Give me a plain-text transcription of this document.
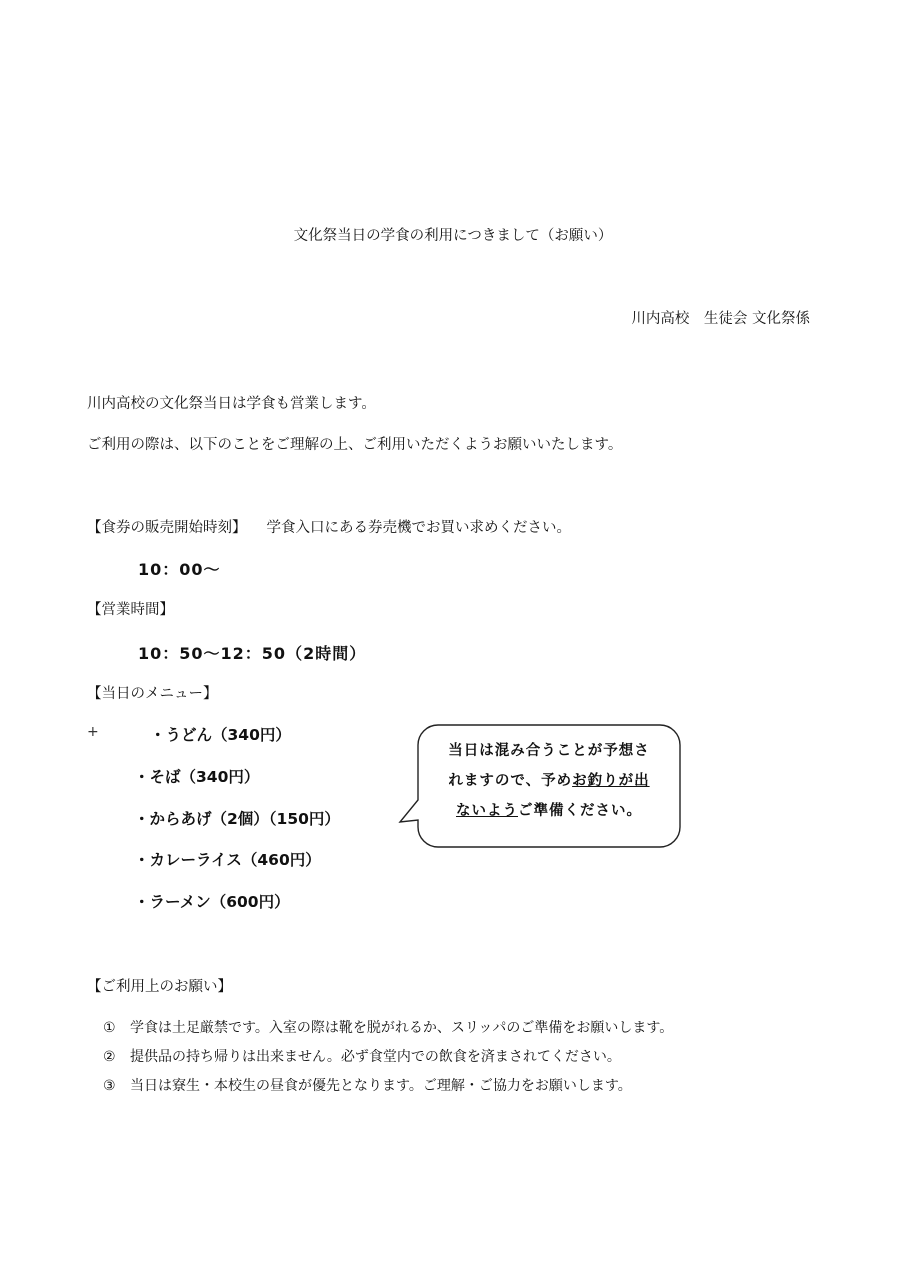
文化祭当日の学食の利用につきまして（お願い）
川内高校　生徒会 文化祭係
川内高校の文化祭当日は学食も営業します。
ご利用の際は、以下のことをご理解の上、ご利用いただくようお願いいたします。
【食券の販売開始時刻】 学食入口にある券売機でお買い求めください。
10：00〜
【営業時間】
10：50〜12：50（2時間）
【当日のメニュー】
+	・うどん（340円）
・そば（340円）
・からあげ（2個）（150円）
・カレーライス（460円）
・ラーメン（600円）
当日は混み合うことが予想さ
れますので、予めお釣りが出
ないようご準備ください。
【ご利用上のお願い】
① 学食は土足厳禁です。入室の際は靴を脱がれるか、スリッパのご準備をお願いします。
② 提供品の持ち帰りは出来ません。必ず食堂内での飲食を済まされてください。
③ 当日は寮生・本校生の昼食が優先となります。ご理解・ご協力をお願いします。
